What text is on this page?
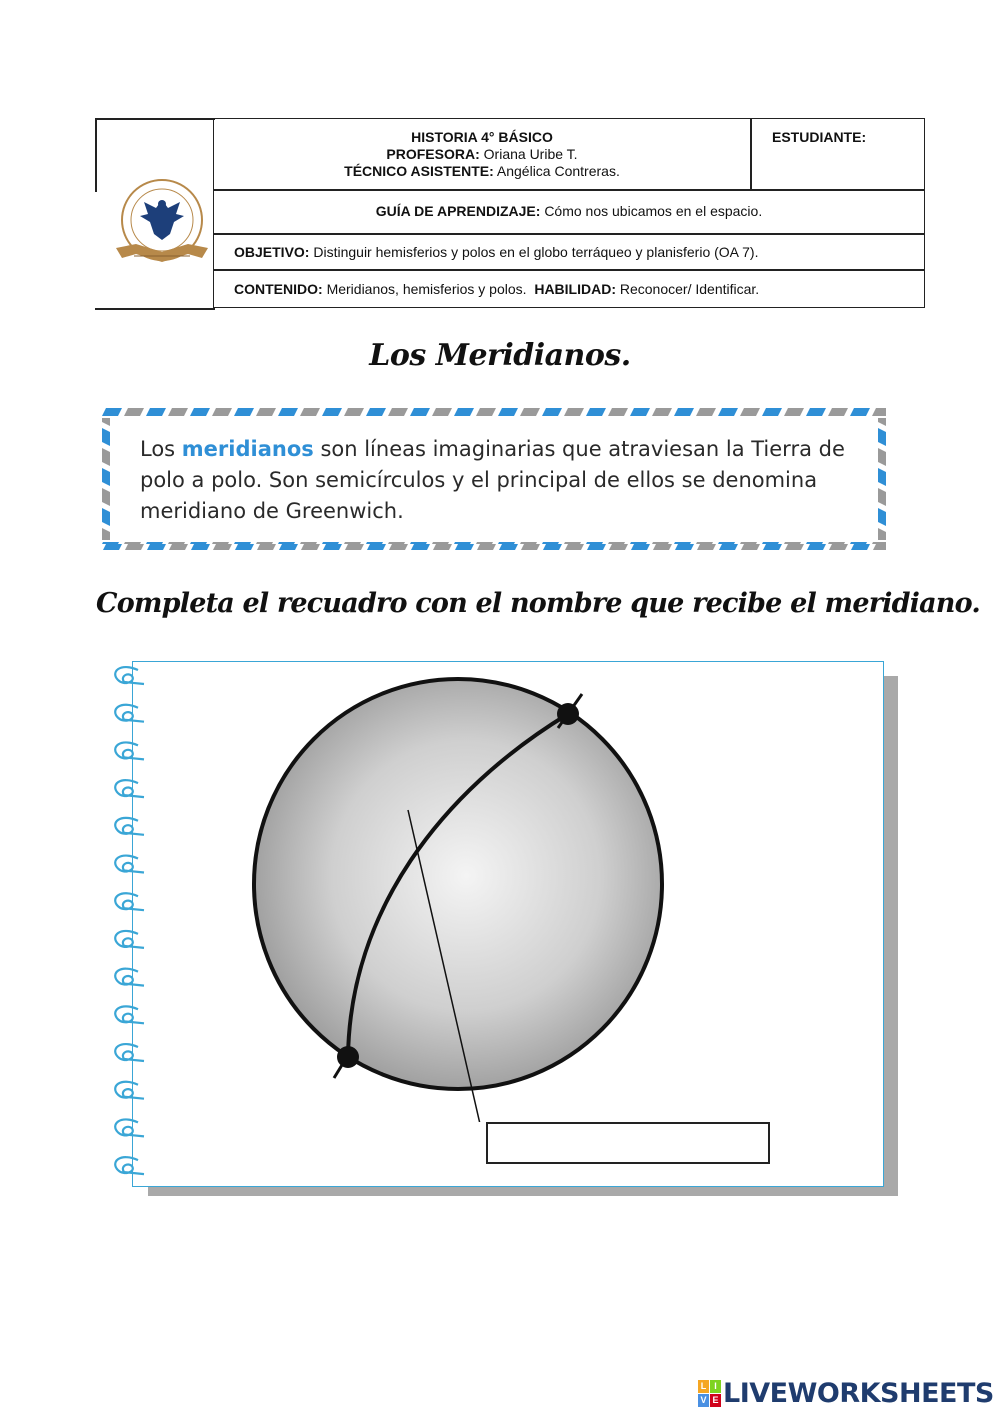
HISTORIA 4° BÁSICO
PROFESORA: Oriana Uribe T.
TÉCNICO ASISTENTE: Angélica Contreras.
ESTUDIANTE:
GUÍA DE APRENDIZAJE: Cómo nos ubicamos en el espacio.
OBJETIVO: Distinguir hemisferios y polos en el globo terráqueo y planisferio (OA 7).
CONTENIDO: Meridianos, hemisferios y polos. HABILIDAD: Reconocer/ Identificar.
Los Meridianos.
Los meridianos son líneas imaginarias que atraviesan la Tierra de polo a polo. Son semicírculos y el principal de ellos se denomina meridiano de Greenwich.
Completa el recuadro con el nombre que recibe el meridiano.
L I
V E LIVEWORKSHEETS
